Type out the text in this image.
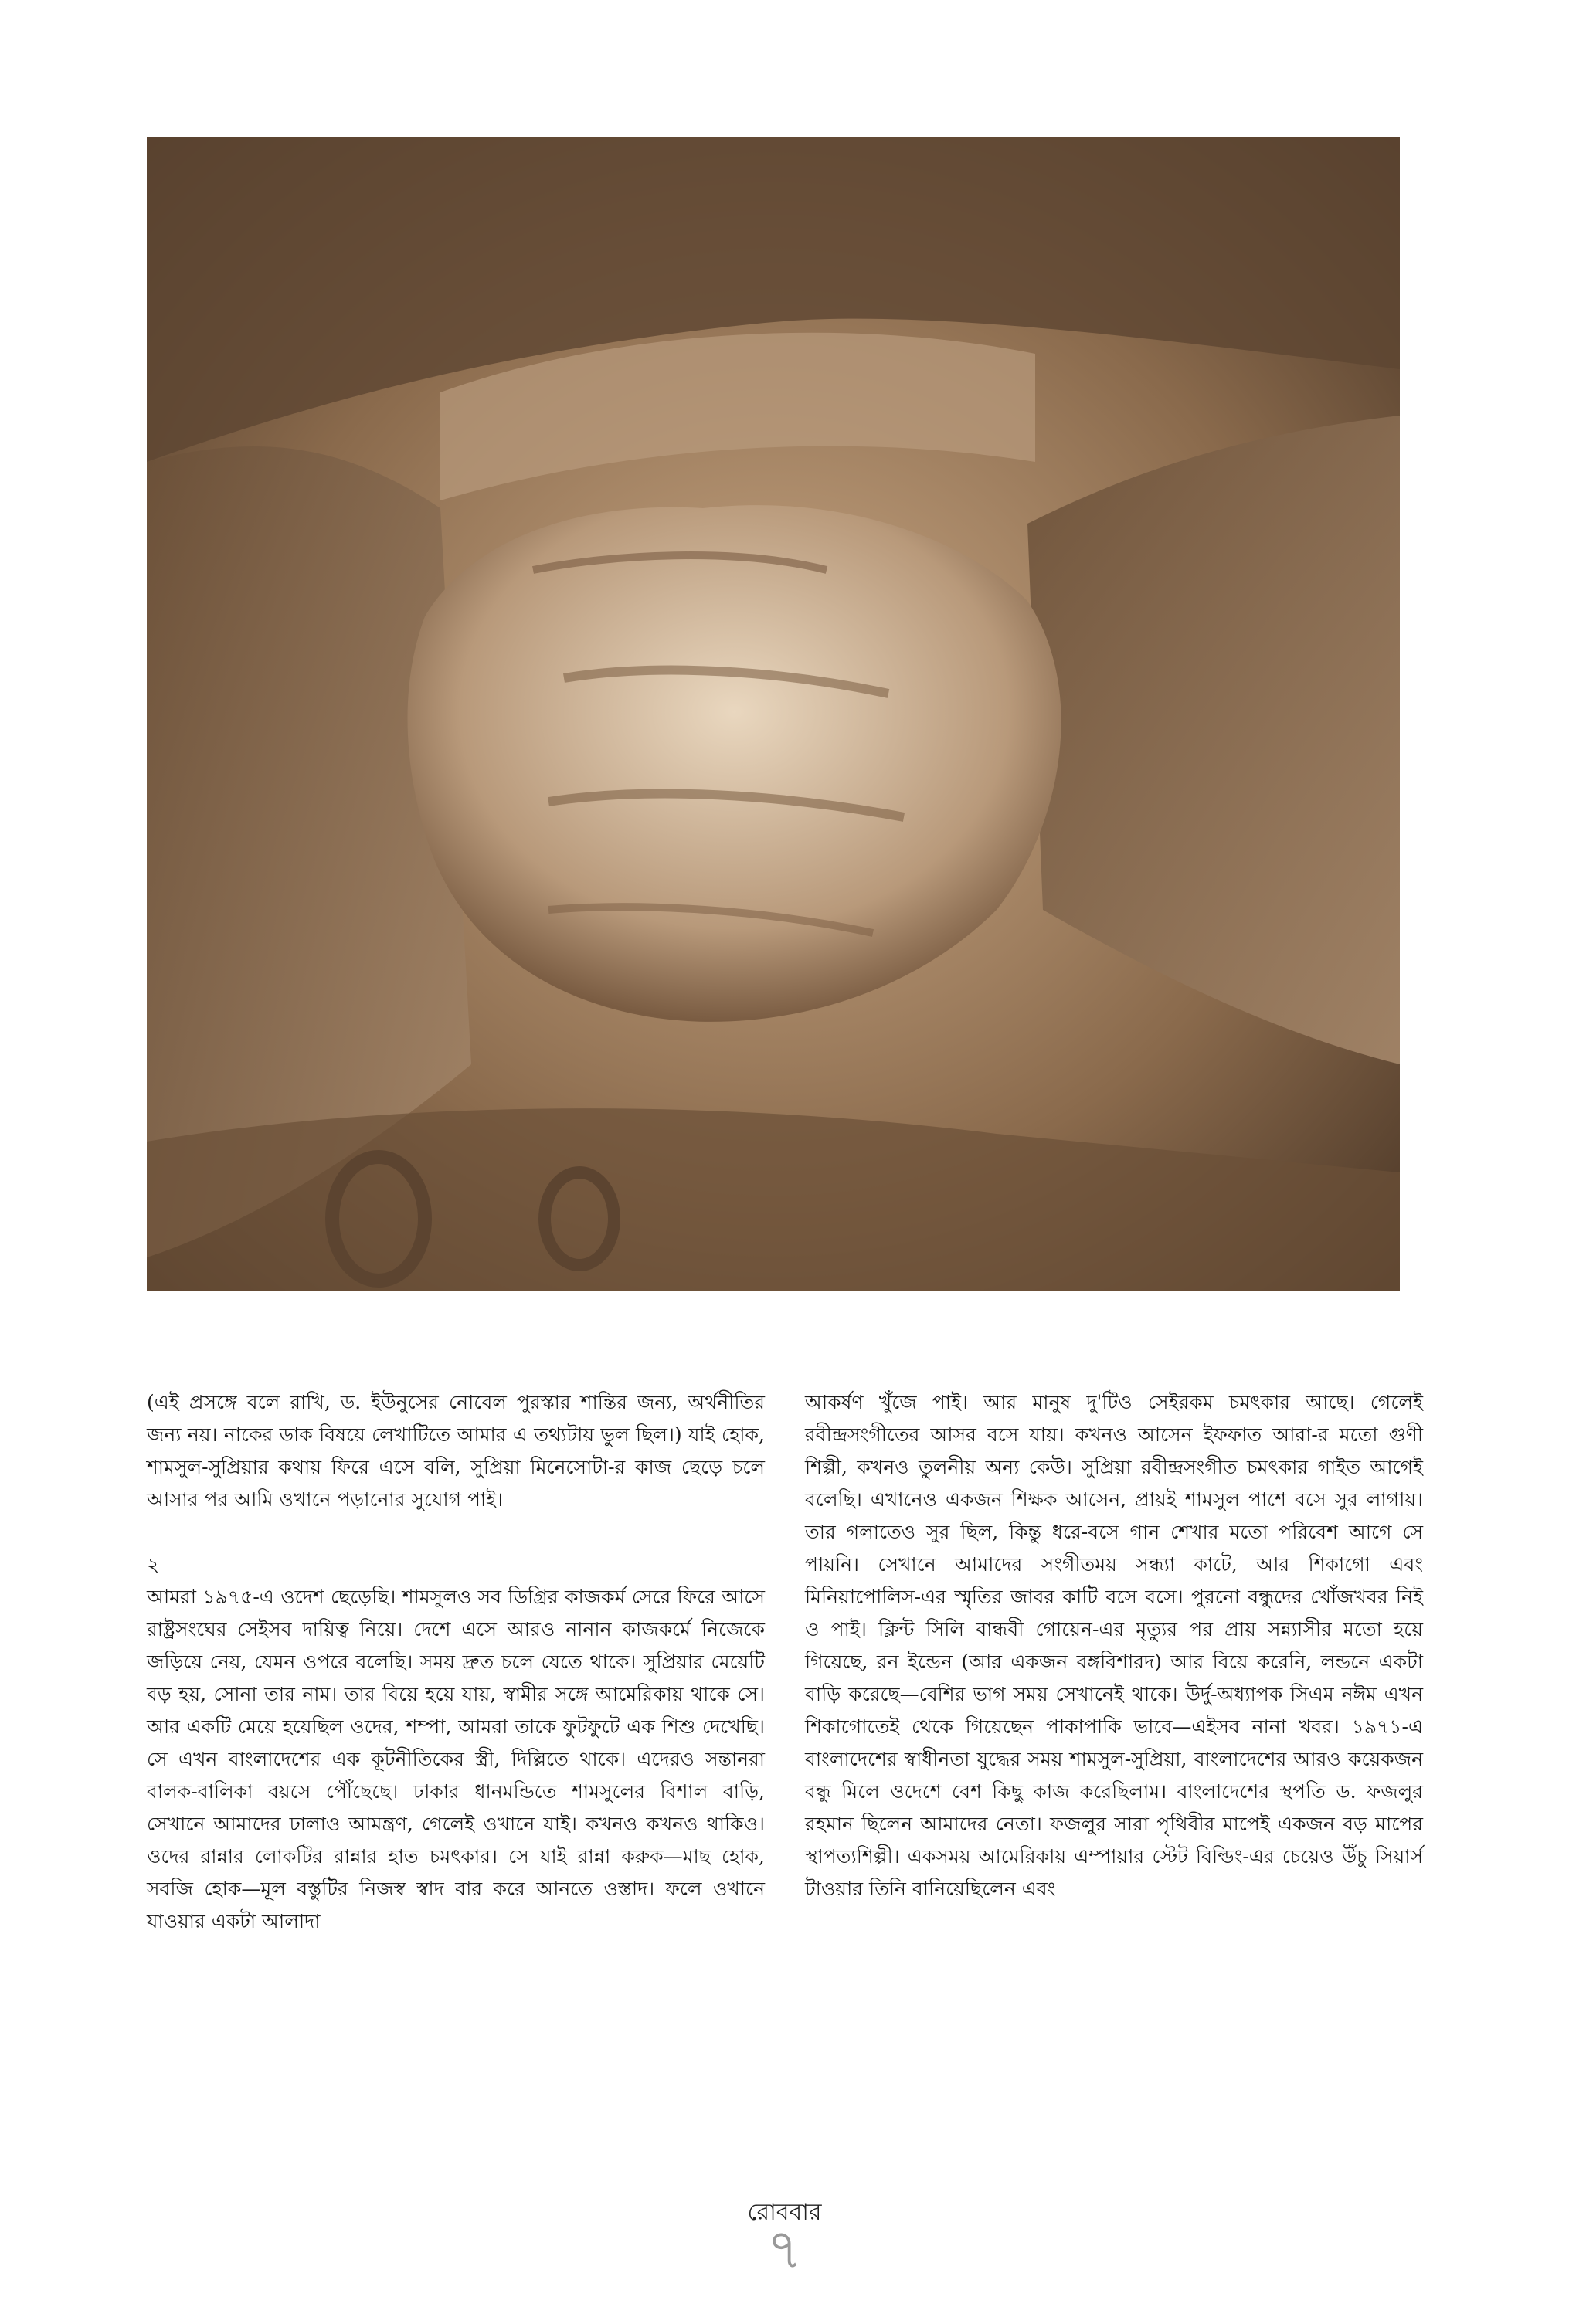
(এই প্রসঙ্গে বলে রাখি, ড. ইউনুসের নোবেল পুরস্কার শান্তির জন্য, অর্থনীতির জন্য নয়। নাকের ডাক বিষয়ে লেখাটিতে আমার এ তথ্যটায় ভুল ছিল।) যাই হোক, শামসুল-সুপ্রিয়ার কথায় ফিরে এসে বলি, সুপ্রিয়া মিনেসোটা-র কাজ ছেড়ে চলে আসার পর আমি ওখানে পড়ানোর সুযোগ পাই।

২

আমরা ১৯৭৫-এ ওদেশ ছেড়েছি। শামসুলও সব ডিগ্রির কাজকর্ম সেরে ফিরে আসে রাষ্ট্রসংঘের সেইসব দায়িত্ব নিয়ে। দেশে এসে আরও নানান কাজকর্মে নিজেকে জড়িয়ে নেয়, যেমন ওপরে বলেছি। সময় দ্রুত চলে যেতে থাকে। সুপ্রিয়ার মেয়েটি বড় হয়, সোনা তার নাম। তার বিয়ে হয়ে যায়, স্বামীর সঙ্গে আমেরিকায় থাকে সে। আর একটি মেয়ে হয়েছিল ওদের, শম্পা, আমরা তাকে ফুটফুটে এক শিশু দেখেছি। সে এখন বাংলাদেশের এক কূটনীতিকের স্ত্রী, দিল্লিতে থাকে। এদেরও সন্তানরা বালক-বালিকা বয়সে পৌঁছেছে। ঢাকার ধানমন্ডিতে শামসুলের বিশাল বাড়ি, সেখানে আমাদের ঢালাও আমন্ত্রণ, গেলেই ওখানে যাই। কখনও কখনও থাকিও। ওদের রান্নার লোকটির রান্নার হাত চমৎকার। সে যাই রান্না করুক—মাছ হোক, সবজি হোক—মূল বস্তুটির নিজস্ব স্বাদ বার করে আনতে ওস্তাদ। ফলে ওখানে যাওয়ার একটা আলাদা

আকর্ষণ খুঁজে পাই। আর মানুষ দু'টিও সেইরকম চমৎকার আছে। গেলেই রবীন্দ্রসংগীতের আসর বসে যায়। কখনও আসেন ইফফাত আরা-র মতো গুণী শিল্পী, কখনও তুলনীয় অন্য কেউ। সুপ্রিয়া রবীন্দ্রসংগীত চমৎকার গাইত আগেই বলেছি। এখানেও একজন শিক্ষক আসেন, প্রায়ই শামসুল পাশে বসে সুর লাগায়। তার গলাতেও সুর ছিল, কিন্তু ধরে-বসে গান শেখার মতো পরিবেশ আগে সে পায়নি। সেখানে আমাদের সংগীতময় সন্ধ্যা কাটে, আর শিকাগো এবং মিনিয়াপোলিস-এর স্মৃতির জাবর কাটি বসে বসে। পুরনো বন্ধুদের খোঁজখবর নিই ও পাই। ক্লিন্ট সিলি বান্ধবী গোয়েন-এর মৃত্যুর পর প্রায় সন্ন্যাসীর মতো হয়ে গিয়েছে, রন ইন্ডেন (আর একজন বঙ্গবিশারদ) আর বিয়ে করেনি, লন্ডনে একটা বাড়ি করেছে—বেশির ভাগ সময় সেখানেই থাকে। উর্দু-অধ্যাপক সিএম নঈম এখন শিকাগোতেই থেকে গিয়েছেন পাকাপাকি ভাবে—এইসব নানা খবর। ১৯৭১-এ বাংলাদেশের স্বাধীনতা যুদ্ধের সময় শামসুল-সুপ্রিয়া, বাংলাদেশের আরও কয়েকজন বন্ধু মিলে ওদেশে বেশ কিছু কাজ করেছিলাম। বাংলাদেশের স্থপতি ড. ফজলুর রহমান ছিলেন আমাদের নেতা। ফজলুর সারা পৃথিবীর মাপেই একজন বড় মাপের স্থাপত্যশিল্পী। একসময় আমেরিকায় এম্পায়ার স্টেট বিল্ডিং-এর চেয়েও উঁচু সিয়ার্স টাওয়ার তিনি বানিয়েছিলেন এবং

রোববার
৭
